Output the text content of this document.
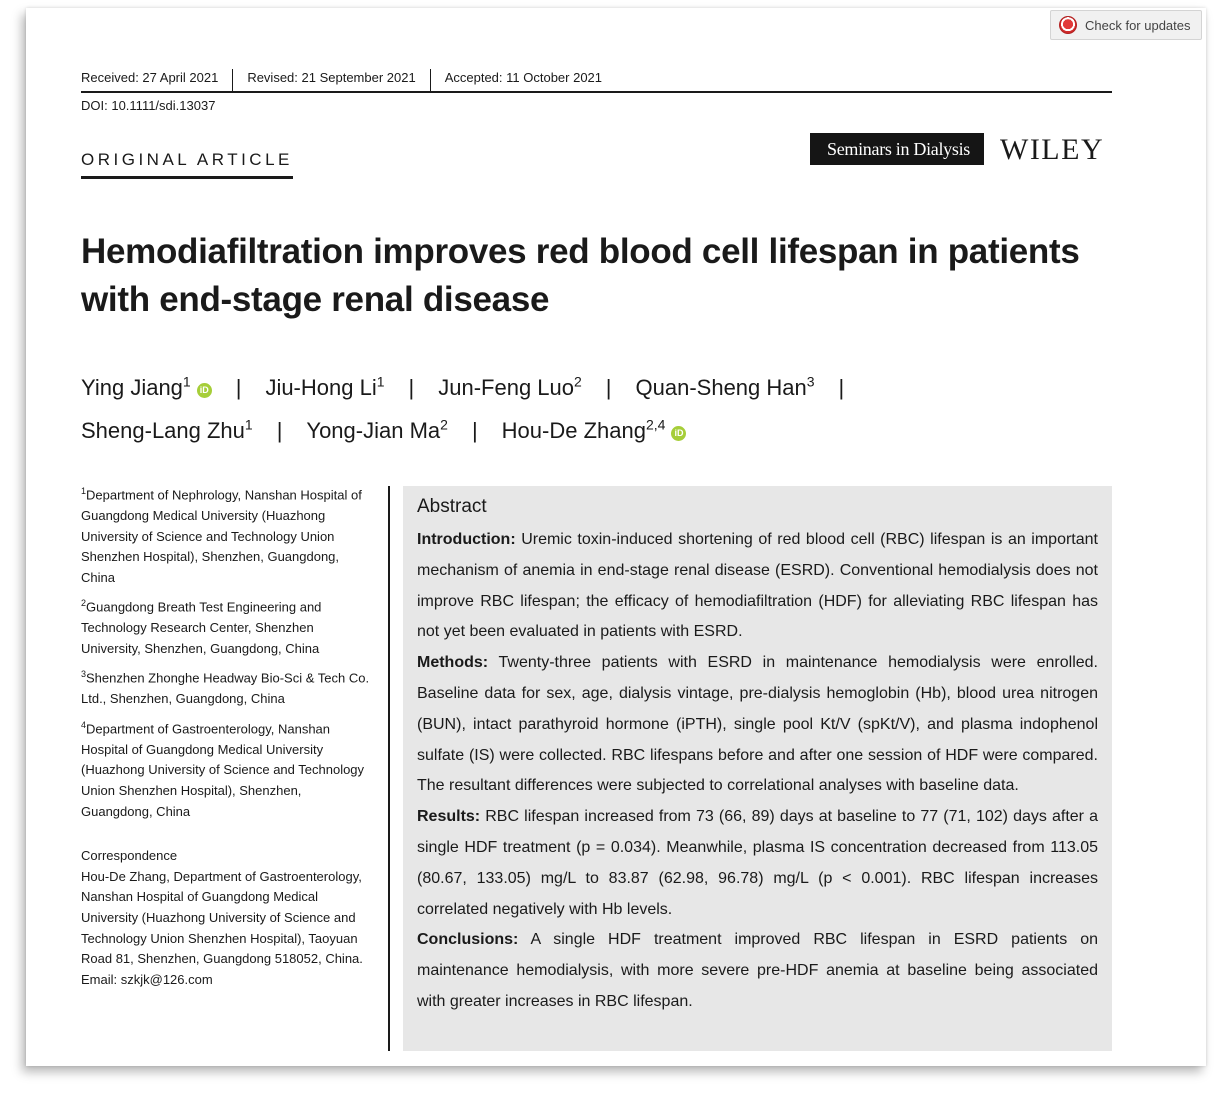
Check for updates
Received: 27 April 2021	Revised: 21 September 2021	Accepted: 11 October 2021
DOI: 10.1111/sdi.13037
ORIGINAL ARTICLE
Seminars in Dialysis	WILEY
Hemodiafiltration improves red blood cell lifespan in patients with end-stage renal disease
Ying Jiang$^1$iD | Jiu-Hong Li$^1$ | Jun-Feng Luo$^2$ | Quan-Sheng Han$^3$ |
Sheng-Lang Zhu$^1$ | Yong-Jian Ma$^2$ | Hou-De Zhang$^{2,4}$iD
$^1$Department of Nephrology, Nanshan Hospital of Guangdong Medical University (Huazhong University of Science and Technology Union Shenzhen Hospital), Shenzhen, Guangdong, China
$^2$Guangdong Breath Test Engineering and Technology Research Center, Shenzhen University, Shenzhen, Guangdong, China
$^3$Shenzhen Zhonghe Headway Bio-Sci & Tech Co. Ltd., Shenzhen, Guangdong, China
$^4$Department of Gastroenterology, Nanshan Hospital of Guangdong Medical University (Huazhong University of Science and Technology Union Shenzhen Hospital), Shenzhen, Guangdong, China
Correspondence
Hou-De Zhang, Department of Gastroenterology, Nanshan Hospital of Guangdong Medical University (Huazhong University of Science and Technology Union Shenzhen Hospital), Taoyuan Road 81, Shenzhen, Guangdong 518052, China.
Email: szkjk@126.com
Abstract
Introduction: Uremic toxin-induced shortening of red blood cell (RBC) lifespan is an important mechanism of anemia in end-stage renal disease (ESRD). Conventional hemodialysis does not improve RBC lifespan; the efficacy of hemodiafiltration (HDF) for alleviating RBC lifespan has not yet been evaluated in patients with ESRD.
Methods: Twenty-three patients with ESRD in maintenance hemodialysis were enrolled. Baseline data for sex, age, dialysis vintage, pre-dialysis hemoglobin (Hb), blood urea nitrogen (BUN), intact parathyroid hormone (iPTH), single pool Kt/V (spKt/V), and plasma indophenol sulfate (IS) were collected. RBC lifespans before and after one session of HDF were compared. The resultant differences were subjected to correlational analyses with baseline data.
Results: RBC lifespan increased from 73 (66, 89) days at baseline to 77 (71, 102) days after a single HDF treatment (p = 0.034). Meanwhile, plasma IS concentration decreased from 113.05 (80.67, 133.05) mg/L to 83.87 (62.98, 96.78) mg/L (p < 0.001). RBC lifespan increases correlated negatively with Hb levels.
Conclusions: A single HDF treatment improved RBC lifespan in ESRD patients on maintenance hemodialysis, with more severe pre-HDF anemia at baseline being associated with greater increases in RBC lifespan.
